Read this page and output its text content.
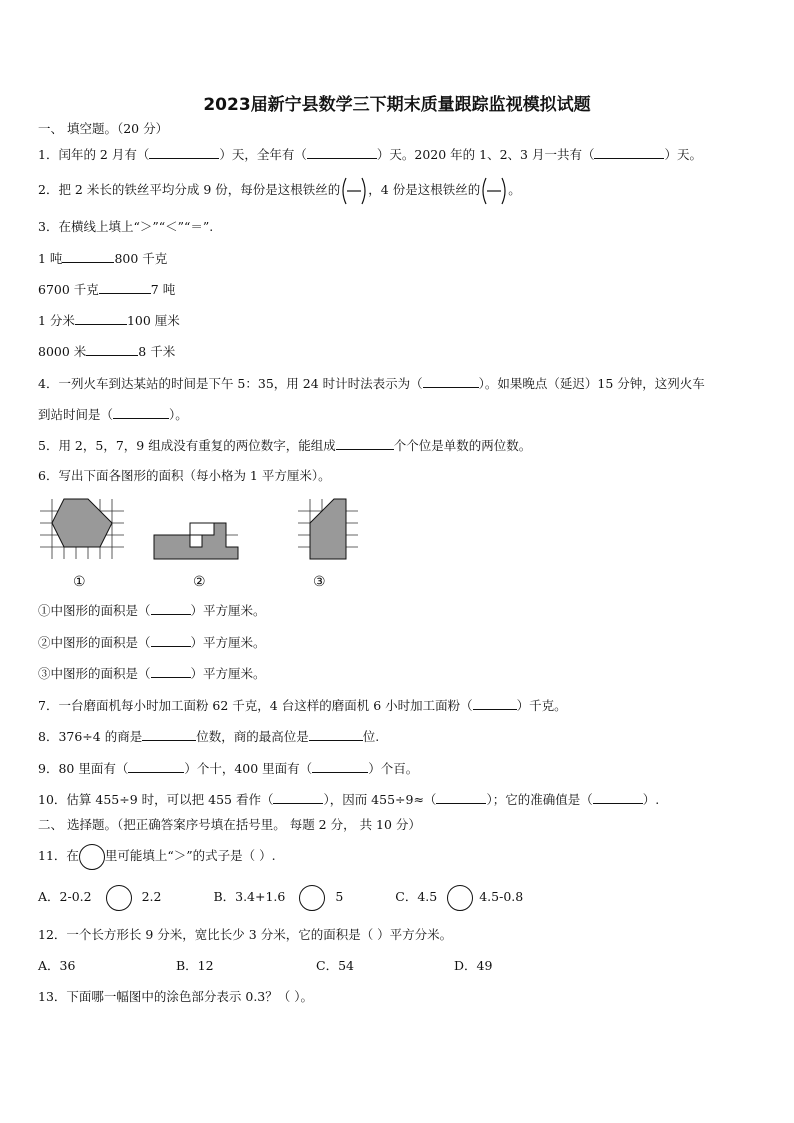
2023届新宁县数学三下期末质量跟踪监视模拟试题
一、 填空题。（20 分）
1．闰年的 2 月有（	）天，全年有（	）天。2020 年的 1、2、3 月一共有（	）天。
2．把 2 米长的铁丝平均分成 9 份，每份是这根铁丝的 ，4 份是这根铁丝的 。
3．在横线上填上“＞”“＜”“＝”.
1 吨	800 千克
6700 千克	7 吨
1 分米	100 厘米
8000 米	8 千米
4．一列火车到达某站的时间是下午 5：35，用 24 时计时法表示为（	）。如果晚点（延迟）15 分钟，这列火车
到站时间是（	）。
5．用 2，5，7，9 组成没有重复的两位数字，能组成	个个位是单数的两位数。
6．写出下面各图形的面积（每小格为 1 平方厘米）。
①	②	③
①中图形的面积是（	）平方厘米。
②中图形的面积是（	）平方厘米。
③中图形的面积是（	）平方厘米。
7．一台磨面机每小时加工面粉 62 千克，4 台这样的磨面机 6 小时加工面粉（	）千克。
8．376÷4 的商是	位数，商的最高位是	位.
9．80 里面有（	）个十，400 里面有（	）个百。
10．估算 455÷9 时，可以把 455 看作（	），因而 455÷9≈（	）；它的准确值是（	）.
二、 选择题。（把正确答案序号填在括号里。 每题 2 分， 共 10 分）
11．在 里可能填上“＞”的式子是（ ）.
A．2-0.2	2.2	B．3.4+1.6	5	C．4.5	4.5-0.8
12．一个长方形长 9 分米，宽比长少 3 分米，它的面积是（ ）平方分米。
A．36	B．12	C．54	D．49
13．下面哪一幅图中的涂色部分表示 0.3？（ ）。
